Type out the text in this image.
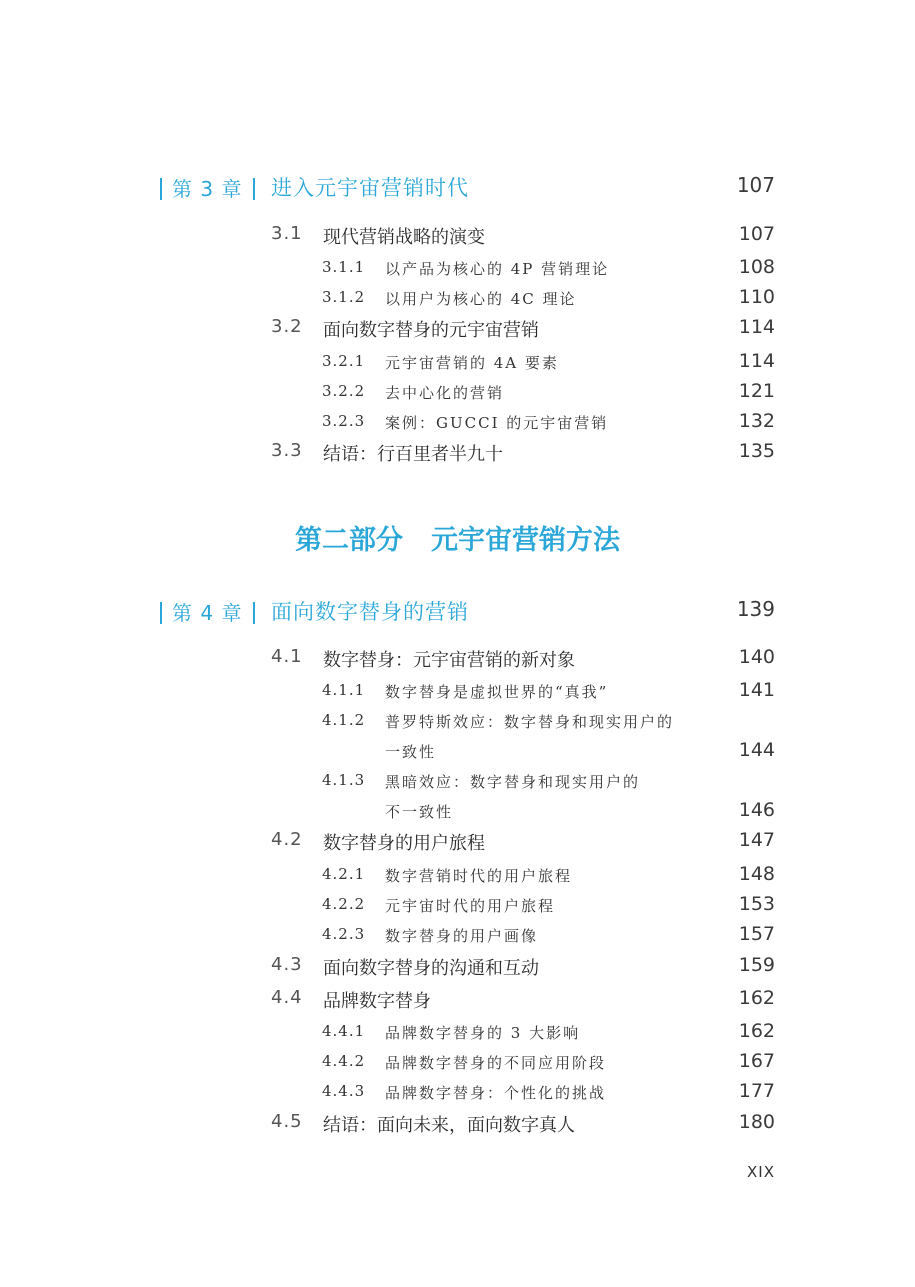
第 3 章 进入元宇宙营销时代	107
3.1 现代营销战略的演变	107
3.1.1 以产品为核心的 4P 营销理论	108
3.1.2 以用户为核心的 4C 理论	110
3.2 面向数字替身的元宇宙营销	114
3.2.1 元宇宙营销的 4A 要素	114
3.2.2 去中心化的营销	121
3.2.3 案例：GUCCI 的元宇宙营销	132
3.3 结语：行百里者半九十	135
第二部分 元宇宙营销方法
第 4 章 面向数字替身的营销	139
4.1 数字替身：元宇宙营销的新对象	140
4.1.1 数字替身是虚拟世界的“真我”	141
4.1.2 普罗特斯效应：数字替身和现实用户的
一致性	144
4.1.3 黑暗效应：数字替身和现实用户的
不一致性	146
4.2 数字替身的用户旅程	147
4.2.1 数字营销时代的用户旅程	148
4.2.2 元宇宙时代的用户旅程	153
4.2.3 数字替身的用户画像	157
4.3 面向数字替身的沟通和互动	159
4.4 品牌数字替身	162
4.4.1 品牌数字替身的 3 大影响	162
4.4.2 品牌数字替身的不同应用阶段	167
4.4.3 品牌数字替身：个性化的挑战	177
4.5 结语：面向未来，面向数字真人	180
XIX
